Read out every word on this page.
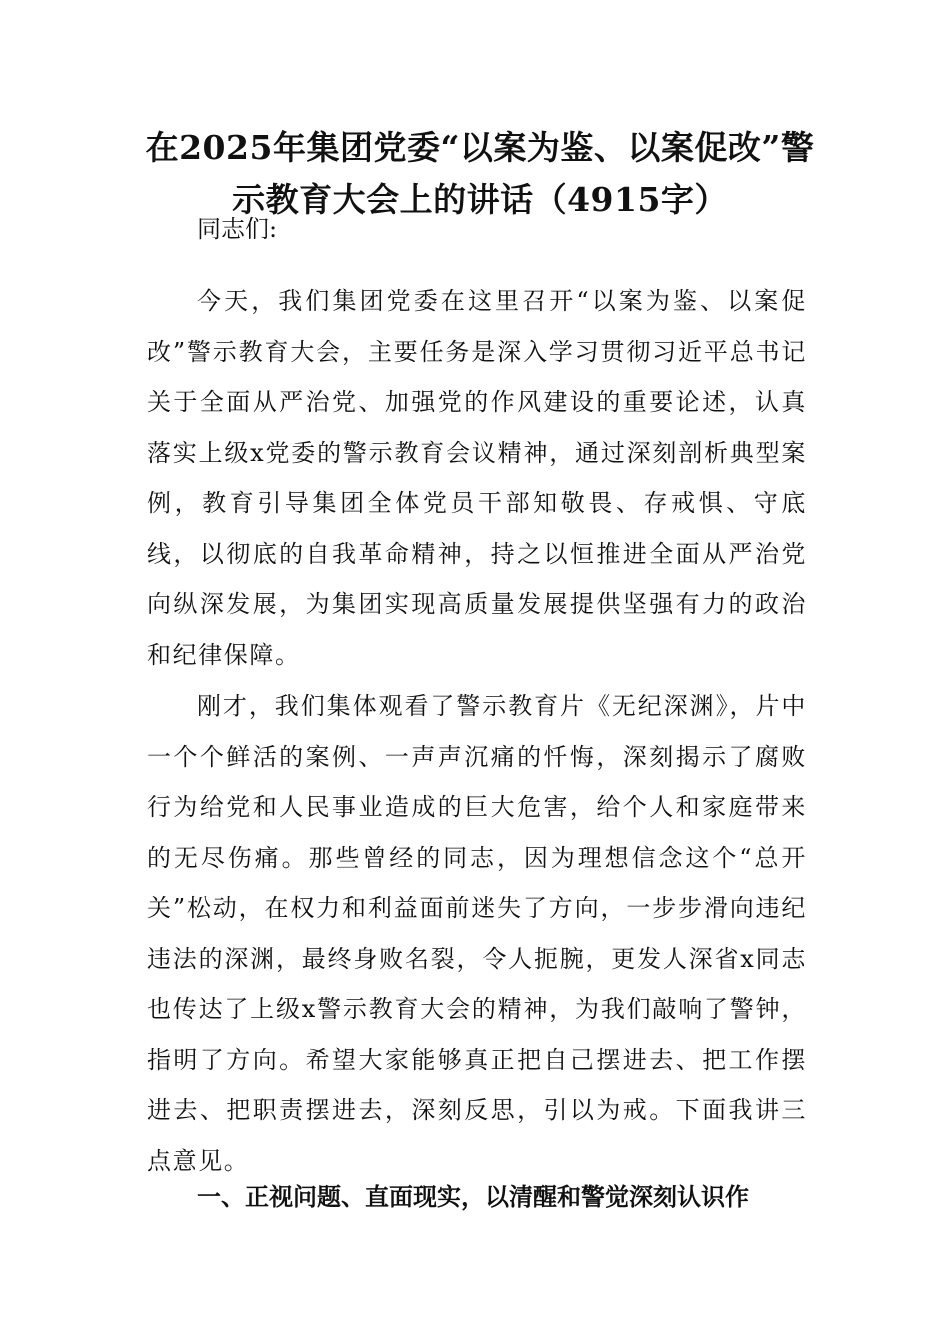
在2025年集团党委“以案为鉴、以案促改”警示教育大会上的讲话（4915字）

同志们:

今天，我们集团党委在这里召开“以案为鉴、以案促改”警示教育大会，主要任务是深入学习贯彻习近平总书记关于全面从严治党、加强党的作风建设的重要论述，认真落实上级x党委的警示教育会议精神，通过深刻剖析典型案例，教育引导集团全体党员干部知敬畏、存戒惧、守底线，以彻底的自我革命精神，持之以恒推进全面从严治党向纵深发展，为集团实现高质量发展提供坚强有力的政治和纪律保障。

刚才，我们集体观看了警示教育片《无纪深渊》，片中一个个鲜活的案例、一声声沉痛的忏悔，深刻揭示了腐败行为给党和人民事业造成的巨大危害，给个人和家庭带来的无尽伤痛。那些曾经的同志，因为理想信念这个“总开关”松动，在权力和利益面前迷失了方向，一步步滑向违纪违法的深渊，最终身败名裂，令人扼腕，更发人深省x同志也传达了上级x警示教育大会的精神，为我们敲响了警钟，指明了方向。希望大家能够真正把自己摆进去、把工作摆进去、把职责摆进去，深刻反思，引以为戒。下面我讲三点意见。

一、正视问题、直面现实，以清醒和警觉深刻认识作
